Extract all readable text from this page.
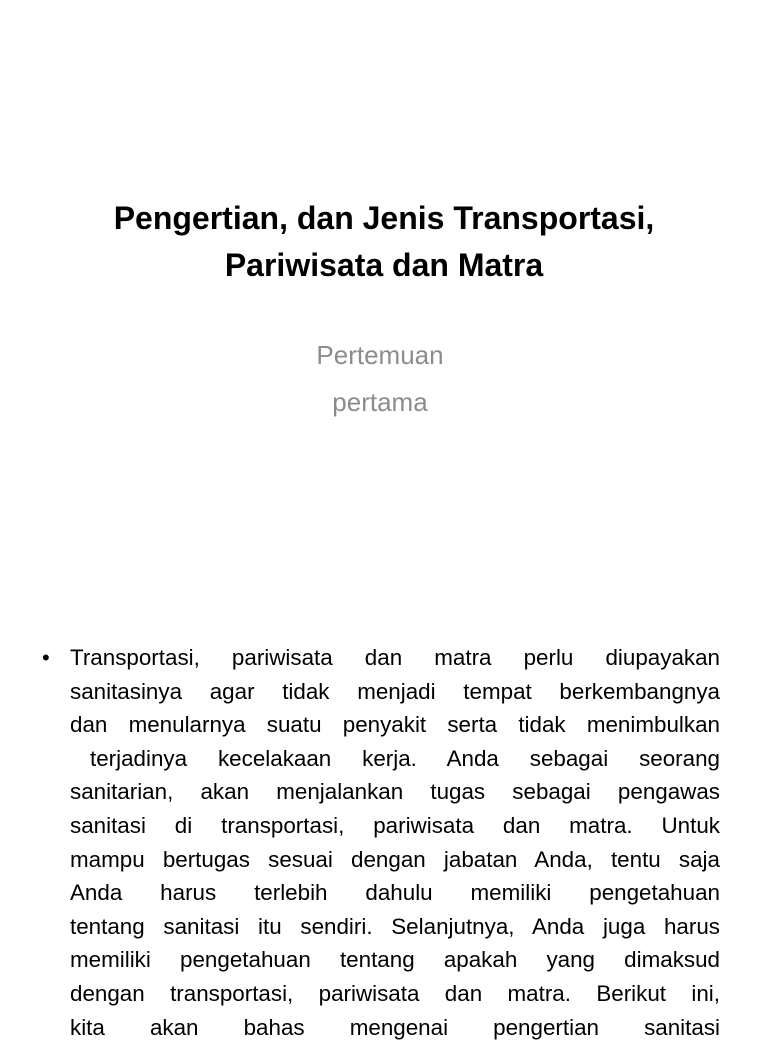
Pengertian, dan Jenis Transportasi,
Pariwisata dan Matra
Pertemuan
pertama
• Transportasi, pariwisata dan matra perlu diupayakan
sanitasinya agar tidak menjadi tempat berkembangnya
dan menularnya suatu penyakit serta tidak menimbulkan
terjadinya kecelakaan kerja. Anda sebagai seorang
sanitarian, akan menjalankan tugas sebagai pengawas
sanitasi di transportasi, pariwisata dan matra. Untuk
mampu bertugas sesuai dengan jabatan Anda, tentu saja
Anda harus terlebih dahulu memiliki pengetahuan
tentang sanitasi itu sendiri. Selanjutnya, Anda juga harus
memiliki pengetahuan tentang apakah yang dimaksud
dengan transportasi, pariwisata dan matra. Berikut ini,
kita akan bahas mengenai pengertian sanitasi
